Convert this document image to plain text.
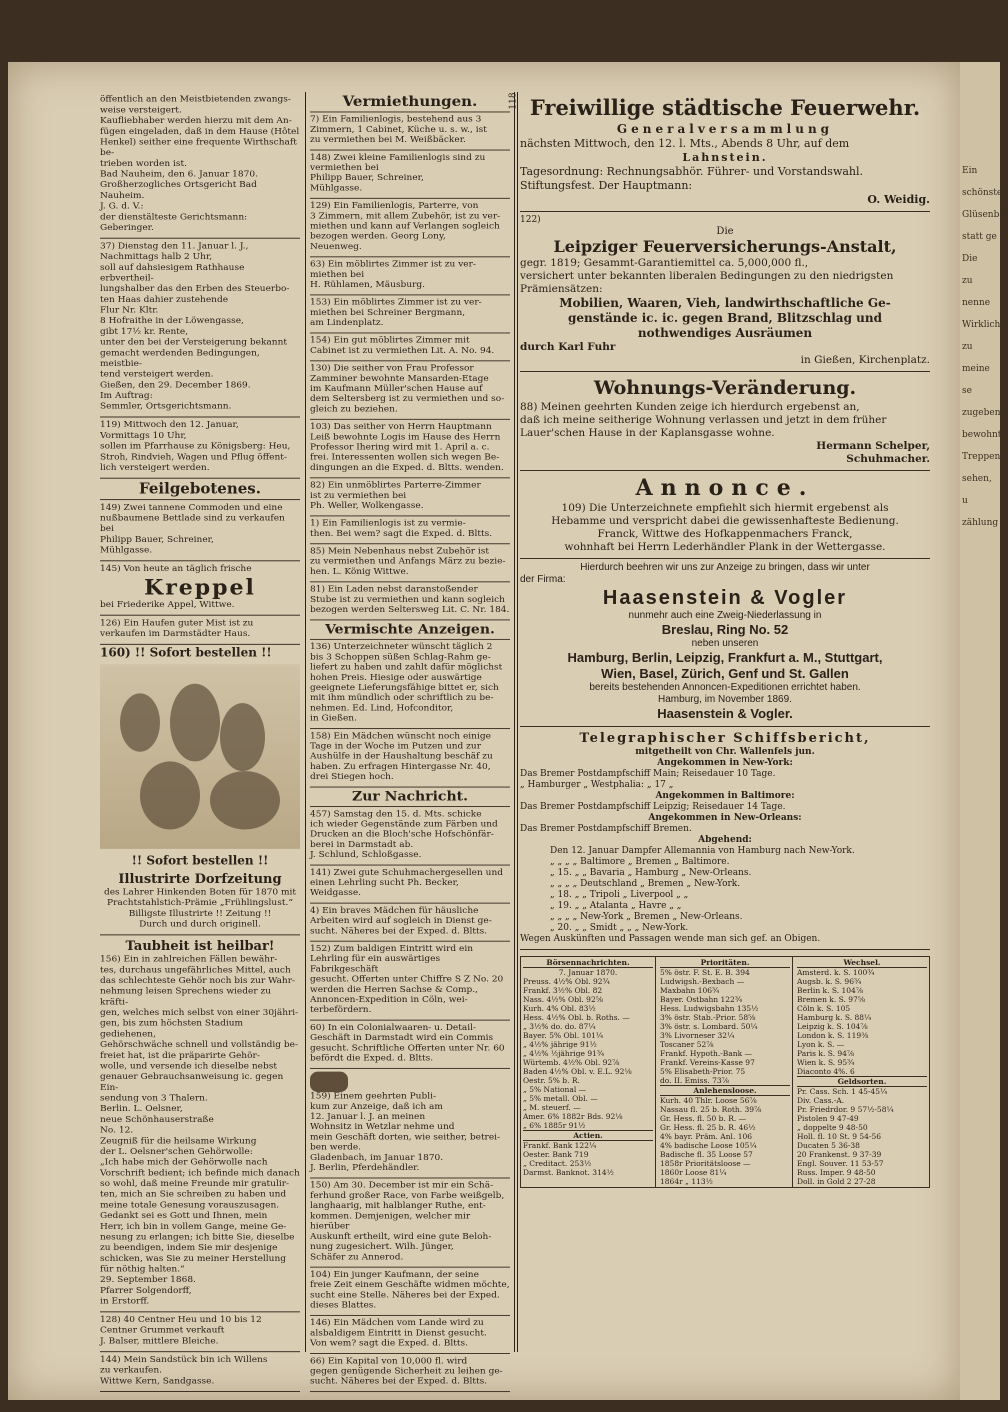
Ein
schönsten
Glüsenbal
statt ge
Die
zu nenne
Wirklich
zu
meine se
zugeben
bewohnt
Treppen
sehen, u
zählung

öffentlich an den Meistbietenden zwangs-

weise versteigert.

Kaufliebhaber werden hierzu mit dem An-

fügen eingeladen, daß in dem Hause (Hôtel

Henkel) seither eine frequente Wirthschaft be-

trieben worden ist.

Bad Nauheim, den 6. Januar 1870.

Großherzogliches Ortsgericht Bad Nauheim.

J. G. d. V.:

der dienstälteste Gerichtsmann:

Geberinger.

37) Dienstag den 11. Januar l. J.,

Nachmittags halb 2 Uhr,

soll auf dahsiesigem Rathhause erbvertheil-

lungshalber das den Erben des Steuerbo-

ten Haas dahier zustehende

Flur Nr. Kltr.

8 Hofraithe in der Löwengasse,

gibt 17½ kr. Rente,

unter den bei der Versteigerung bekannt

gemacht werdenden Bedingungen, meistbie-

tend versteigert werden.

Gießen, den 29. December 1869.

Im Auftrag:

Semmler, Ortsgerichtsmann.

119) Mittwoch den 12. Januar,

Vormittags 10 Uhr,

sollen im Pfarrhause zu Königsberg: Heu,

Stroh, Rindvieh, Wagen und Pflug öffent-

lich versteigert werden.

Feilgebotenes.

149) Zwei tannene Commoden und eine

nußbaumene Bettlade sind zu verkaufen bei

Philipp Bauer, Schreiner,

Mühlgasse.

145) Von heute an täglich frische

Kreppel

bei Friederike Appel, Wittwe.

126) Ein Haufen guter Mist ist zu

verkaufen im Darmstädter Haus.

160) !! Sofort bestellen !!
!! Sofort bestellen !!

Illustrirte Dorfzeitung

des Lahrer Hinkenden Boten für 1870 mit

Prachtstahlstich-Prämie „Frühlingslust.“

Billigste Illustrirte !! Zeitung !!

Durch und durch originell.

Taubheit ist heilbar!

156) Ein in zahlreichen Fällen bewähr-

tes, durchaus ungefährliches Mittel, auch

das schlechteste Gehör noch bis zur Wahr-

nehmung leisen Sprechens wieder zu kräfti-

gen, welches mich selbst von einer 30jähri-

gen, bis zum höchsten Stadium gediehenen,

Gehörschwäche schnell und vollständig be-

freiet hat, ist die präparirte Gehör-

wolle, und versende ich dieselbe nebst

genauer Gebrauchsanweisung ic. gegen Ein-

sendung von 3 Thalern.

Berlin. L. Oelsner,

neue Schönhauserstraße

No. 12.

Zeugniß für die heilsame Wirkung

der L. Oelsner'schen Gehörwolle:

„Ich habe mich der Gehörwolle nach

Vorschrift bedient; ich befinde mich danach

so wohl, daß meine Freunde mir gratulir-

ten, mich an Sie schreiben zu haben und

meine totale Genesung vorauszusagen.

Gedankt sei es Gott und Ihnen, mein

Herr, ich bin in vollem Gange, meine Ge-

nesung zu erlangen; ich bitte Sie, dieselbe

zu beendigen, indem Sie mir desjenige

schicken, was Sie zu meiner Herstellung

für nöthig halten.“

29. September 1868.

Pfarrer Solgendorff,

in Erstorff.

128) 40 Centner Heu und 10 bis 12

Centner Grummet verkauft

J. Balser, mittlere Bleiche.

144) Mein Sandstück bin ich Willens

zu verkaufen.

Wittwe Kern, Sandgasse.

Vermiethungen.

7) Ein Familienlogis, bestehend aus 3

Zimmern, 1 Cabinet, Küche u. s. w., ist

zu vermiethen bei M. Weißbäcker.

148) Zwei kleine Familienlogis sind zu

vermiethen bei

Philipp Bauer, Schreiner,

Mühlgasse.

129) Ein Familienlogis, Parterre, von

3 Zimmern, mit allem Zubehör, ist zu ver-

miethen und kann auf Verlangen sogleich

bezogen werden. Georg Lony,

Neuenweg.

63) Ein möblirtes Zimmer ist zu ver-

miethen bei

H. Rühlamen, Mäusburg.

153) Ein möblirtes Zimmer ist zu ver-

miethen bei Schreiner Bergmann,

am Lindenplatz.

154) Ein gut möblirtes Zimmer mit

Cabinet ist zu vermiethen Lit. A. No. 94.

130) Die seither von Frau Professor

Zamminer bewohnte Mansarden-Etage

im Kaufmann Müller'schen Hause auf

dem Seltersberg ist zu vermiethen und so-

gleich zu beziehen.

103) Das seither von Herrn Hauptmann

Leiß bewohnte Logis im Hause des Herrn

Professor Ihering wird mit 1. April a. c.

frei. Interessenten wollen sich wegen Be-

dingungen an die Exped. d. Bltts. wenden.

82) Ein unmöblirtes Parterre-Zimmer

ist zu vermiethen bei

Ph. Weller, Wolkengasse.

1) Ein Familienlogis ist zu vermie-

then. Bei wem? sagt die Exped. d. Bltts.

85) Mein Nebenhaus nebst Zubehör ist

zu vermiethen und Anfangs März zu bezie-

hen. L. König Wittwe.

81) Ein Laden nebst daranstoßender

Stube ist zu vermiethen und kann sogleich

bezogen werden Seltersweg Lit. C. Nr. 184.

Vermischte Anzeigen.

136) Unterzeichneter wünscht täglich 2

bis 3 Schoppen süßen Schlag-Rahm ge-

liefert zu haben und zahlt dafür möglichst

hohen Preis. Hiesige oder auswärtige

geeignete Lieferungsfähige bittet er, sich

mit ihm mündlich oder schriftlich zu be-

nehmen. Ed. Lind, Hofconditor,

in Gießen.

158) Ein Mädchen wünscht noch einige

Tage in der Woche im Putzen und zur

Aushülfe in der Haushaltung beschäf zu

haben. Zu erfragen Hintergasse Nr. 40,

drei Stiegen hoch.

Zur Nachricht.

457) Samstag den 15. d. Mts. schicke

ich wieder Gegenstände zum Färben und

Drucken an die Bloch'sche Hofschönfär-

berei in Darmstadt ab.

J. Schlund, Schloßgasse.

141) Zwei gute Schuhmachergesellen und

einen Lehrling sucht Ph. Becker,

Weidgasse.

4) Ein braves Mädchen für häusliche

Arbeiten wird auf sogleich in Dienst ge-

sucht. Näheres bei der Exped. d. Bltts.

152) Zum baldigen Eintritt wird ein

Lehrling für ein auswärtiges Fabrikgeschäft

gesucht. Offerten unter Chiffre S Z No. 20

werden die Herren Sachse & Comp.,

Annoncen-Expedition in Cöln, wei-

terbefördern.

60) In ein Colonialwaaren- u. Detail-

Geschäft in Darmstadt wird ein Commis

gesucht. Schriftliche Offerten unter Nr. 60

befördt die Exped. d. Bltts.

159) Einem geehrten Publi-

kum zur Anzeige, daß ich am

12. Januar l. J. an meinen

Wohnsitz in Wetzlar nehme und

mein Geschäft dorten, wie seither, betrei-

ben werde.

Gladenbach, im Januar 1870.

J. Berlin, Pferdehändler.

150) Am 30. December ist mir ein Schä-

ferhund großer Race, von Farbe weißgelb,

langhaarig, mit halblanger Ruthe, ent-

kommen. Demjenigen, welcher mir hierüber

Auskunft ertheilt, wird eine gute Beloh-

nung zugesichert. Wilh. Jünger,

Schäfer zu Annerod.

104) Ein junger Kaufmann, der seine

freie Zeit einem Geschäfte widmen möchte,

sucht eine Stelle. Näheres bei der Exped.

dieses Blattes.

146) Ein Mädchen vom Lande wird zu

alsbaldigem Eintritt in Dienst gesucht.

Von wem? sagt die Exped. d. Bltts.

66) Ein Kapital von 10,000 fl. wird

gegen genügende Sicherheit zu leihen ge-

sucht. Näheres bei der Exped. d. Bltts.

Freiwillige städtische Feuerwehr.

Generalversammlung

nächsten Mittwoch, den 12. l. Mts., Abends 8 Uhr, auf dem

Lahnstein.

Tagesordnung: Rechnungsabhör. Führer- und Vorstandswahl.

Stiftungsfest. Der Hauptmann:

O. Weidig.

122)

Die

Leipziger Feuerversicherungs-Anstalt,

gegr. 1819; Gesammt-Garantiemittel ca. 5,000,000 fl.,

versichert unter bekannten liberalen Bedingungen zu den niedrigsten

Prämiensätzen:

Mobilien, Waaren, Vieh, landwirthschaftliche Ge-

genstände ic. ic. gegen Brand, Blitzschlag und

nothwendiges Ausräumen

durch Karl Fuhr

in Gießen, Kirchenplatz.

Wohnungs-Veränderung.

88) Meinen geehrten Kunden zeige ich hierdurch ergebenst an,

daß ich meine seitherige Wohnung verlassen und jetzt in dem früher

Lauer'schen Hause in der Kaplansgasse wohne.

Hermann Schelper,

Schuhmacher.

Annonce.

109) Die Unterzeichnete empfiehlt sich hiermit ergebenst als

Hebamme und verspricht dabei die gewissenhafteste Bedienung.

Franck, Wittwe des Hofkappenmachers Franck,

wohnhaft bei Herrn Lederhändler Plank in der Wettergasse.

Hierdurch beehren wir uns zur Anzeige zu bringen, dass wir unter

der Firma:

Haasenstein & Vogler

nunmehr auch eine Zweig-Niederlassung in

Breslau, Ring No. 52

neben unseren

Hamburg, Berlin, Leipzig, Frankfurt a. M., Stuttgart,

Wien, Basel, Zürich, Genf und St. Gallen

bereits bestehenden Annoncen-Expeditionen errichtet haben.

Hamburg, im November 1869.

Haasenstein & Vogler.

Telegraphischer Schiffsbericht,

mitgetheilt von Chr. Wallenfels jun.

Angekommen in New-York:

Das Bremer Postdampfschiff Main; Reisedauer 10 Tage.

„ Hamburger „ Westphalia: „ 17 „

Angekommen in Baltimore:

Das Bremer Postdampfschiff Leipzig; Reisedauer 14 Tage.

Angekommen in New-Orleans:

Das Bremer Postdampfschiff Bremen.

Abgehend:

Den 12. Januar Dampfer Allemannia von Hamburg nach New-York.

„ „ „ „ Baltimore „ Bremen „ Baltimore.

„ 15. „ „ Bavaria „ Hamburg „ New-Orleans.

„ „ „ „ Deutschland „ Bremen „ New-York.

„ 18. „ „ Tripoli „ Liverpool „ „

„ 19. „ „ Atalanta „ Havre „ „

„ „ „ „ New-York „ Bremen „ New-Orleans.

„ 20. „ „ Smidt „ „ „ New-York.

Wegen Auskünften und Passagen wende man sich gef. an Obigen.

Börsennachrichten.
7. Januar 1870.
Preuss. 4½% Obl. 92¾
Frankf. 3½% Obl. 82
Nass. 4½% Obl. 92⅝
Kurh. 4% Obl. 83½
Hess. 4½% Obl. b. Roths. —
„ 3½% do. do. 87¼
Bayer. 5% Obl. 101¼
„ 4½% jährige 91½
„ 4½% ½jährige 91¾
Würtemb. 4½% Obl. 92⅞
Baden 4½% Obl. v. E.L. 92⅛
Oestr. 5% b. R.
„ 5% National —
„ 5% metall. Obl. —
„ M. steuerf. —
Amer. 6% 1882r Bds. 92⅛
„ 6% 1885r 91½
Actien.
Frankf. Bank 122¼
Oester. Bank 719
„ Creditact. 253½
Darmst. Banknot. 314½
Prioritäten.
5% östr. F. St. E. B. 394
Ludwigsh.-Bexbach —
Maxbahn 106¾
Bayer. Ostbahn 122¾
Hess. Ludwigsbahn 135½
3% östr. Stab.-Prior. 58⅝
3% östr. s. Lombard. 50¼
3% Livorneser 32¼
Toscaner 52⅞
Frankf. Hypoth.-Bank —
Frankf. Vereins-Kasse 97
5% Elisabeth-Prior. 75
do. II. Emiss. 73⅞
Anlehensloose.
Kurh. 40 Thlr. Loose 56⅞
Nassau fl. 25 b. Roth. 39⅞
Gr. Hess. fl. 50 b. R. —
Gr. Hess. fl. 25 b. R. 46½
4% bayr. Präm. Anl. 106
4% badische Loose 105¼
Badische fl. 35 Loose 57
1858r Prioritätsloose —
1860r Loose 81¼
1864r „ 113½
Wechsel.
Amsterd. k. S. 100¾
Augsb. k. S. 96¾
Berlin k. S. 104⅞
Bremen k. S. 97⅝
Cöln k. S. 105
Hamburg k. S. 88¼
Leipzig k. S. 104⅞
London k. S. 119⅜
Lyon k. S. —
Paris k. S. 94⅞
Wien k. S. 95¾
Diaconto 4%. 6
Geldsorten.
Pr. Cass. Sch. 1 45-45¼
Div. Cass.-A.
Pr. Friedrdor. 9 57½-58¼
Pistolen 9 47-49
„ doppelte 9 48-50
Holl. fl. 10 St. 9 54-56
Ducaten 5 36-38
20 Frankenst. 9 37-39
Engl. Souver. 11 53-57
Russ. Imper. 9 48-50
Doll. in Gold 2 27-28
118
